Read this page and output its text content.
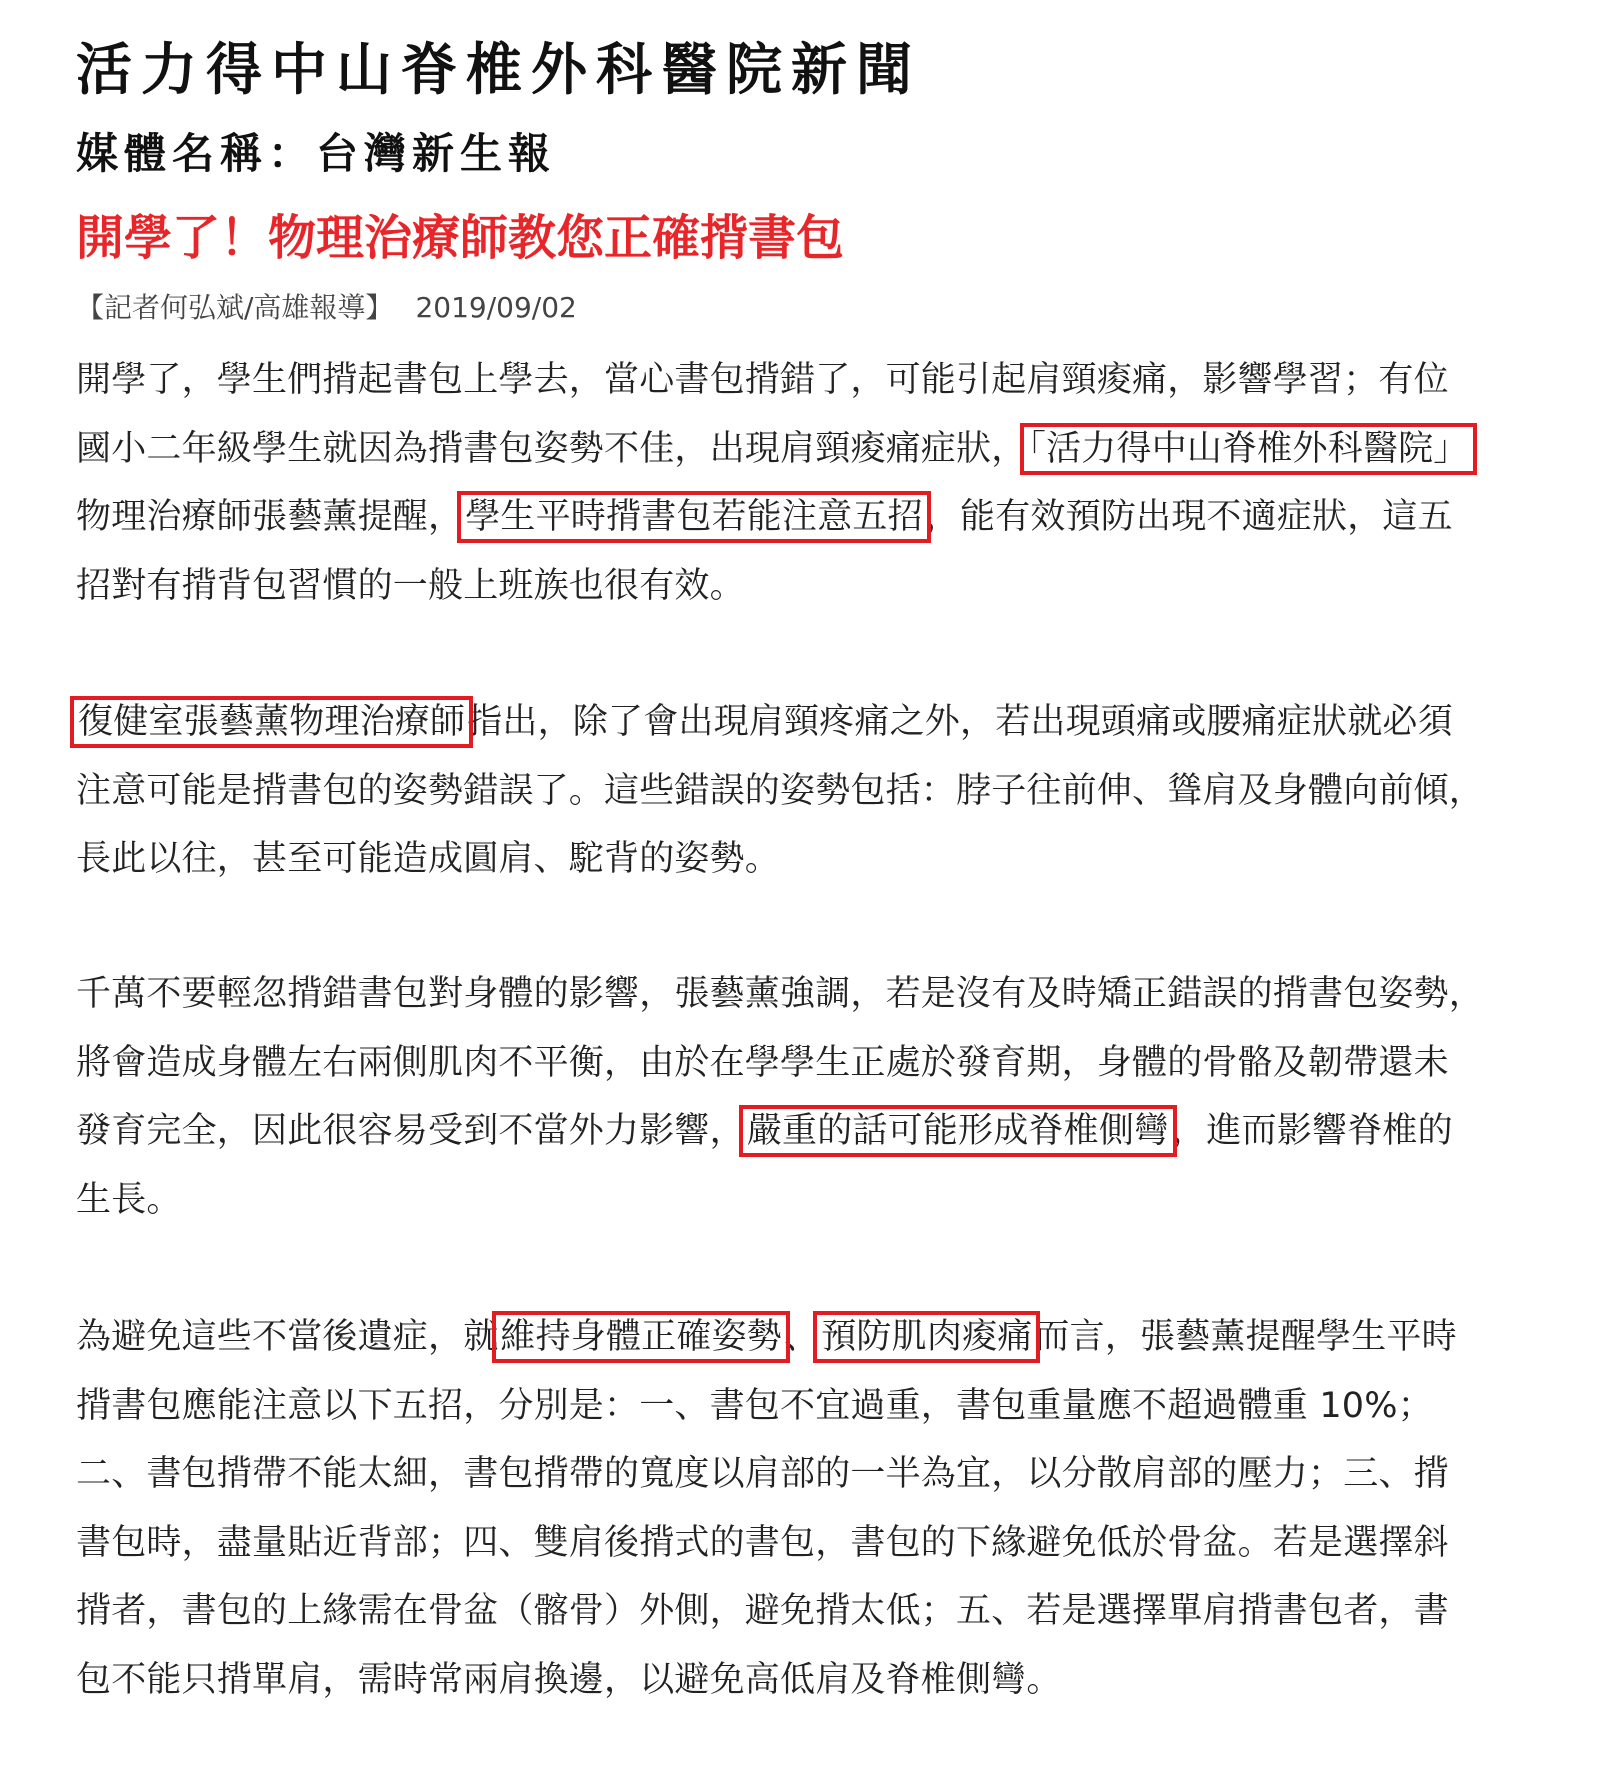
活力得中山脊椎外科醫院新聞
媒體名稱：台灣新生報
開學了！物理治療師教您正確揹書包
【記者何弘斌/高雄報導】 2019/09/02
開學了，學生們揹起書包上學去，當心書包揹錯了，可能引起肩頸痠痛，影響學習；有位
國小二年級學生就因為揹書包姿勢不佳，出現肩頸痠痛症狀，「活力得中山脊椎外科醫院」
物理治療師張藝薰提醒，學生平時揹書包若能注意五招，能有效預防出現不適症狀，這五
招對有揹背包習慣的一般上班族也很有效。
復健室張藝薰物理治療師指出，除了會出現肩頸疼痛之外，若出現頭痛或腰痛症狀就必須
注意可能是揹書包的姿勢錯誤了。這些錯誤的姿勢包括：脖子往前伸、聳肩及身體向前傾，
長此以往，甚至可能造成圓肩、駝背的姿勢。
千萬不要輕忽揹錯書包對身體的影響，張藝薰強調，若是沒有及時矯正錯誤的揹書包姿勢，
將會造成身體左右兩側肌肉不平衡，由於在學學生正處於發育期，身體的骨骼及韌帶還未
發育完全，因此很容易受到不當外力影響，嚴重的話可能形成脊椎側彎，進而影響脊椎的
生長。
為避免這些不當後遺症，就維持身體正確姿勢、預防肌肉痠痛而言，張藝薰提醒學生平時
揹書包應能注意以下五招，分別是：一、書包不宜過重，書包重量應不超過體重 10%；
二、書包揹帶不能太細，書包揹帶的寬度以肩部的一半為宜，以分散肩部的壓力；三、揹
書包時，盡量貼近背部；四、雙肩後揹式的書包，書包的下緣避免低於骨盆。若是選擇斜
揹者，書包的上緣需在骨盆（髂骨）外側，避免揹太低；五、若是選擇單肩揹書包者，書
包不能只揹單肩，需時常兩肩換邊，以避免高低肩及脊椎側彎。
